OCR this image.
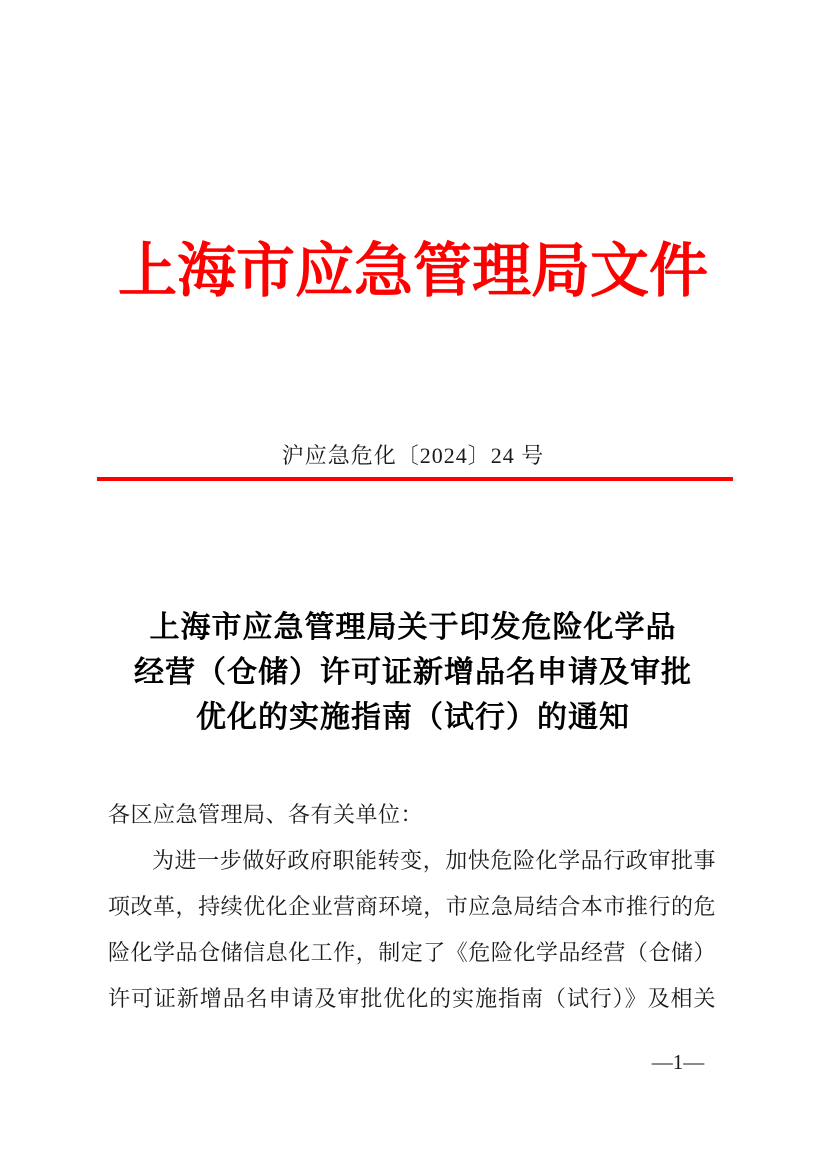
上海市应急管理局文件
沪应急危化〔2024〕24 号
上海市应急管理局关于印发危险化学品
经营（仓储）许可证新增品名申请及审批
优化的实施指南（试行）的通知
各区应急管理局、各有关单位：
为进一步做好政府职能转变，加快危险化学品行政审批事
项改革，持续优化企业营商环境，市应急局结合本市推行的危
险化学品仓储信息化工作，制定了《危险化学品经营（仓储）
许可证新增品名申请及审批优化的实施指南（试行）》及相关
—1—
